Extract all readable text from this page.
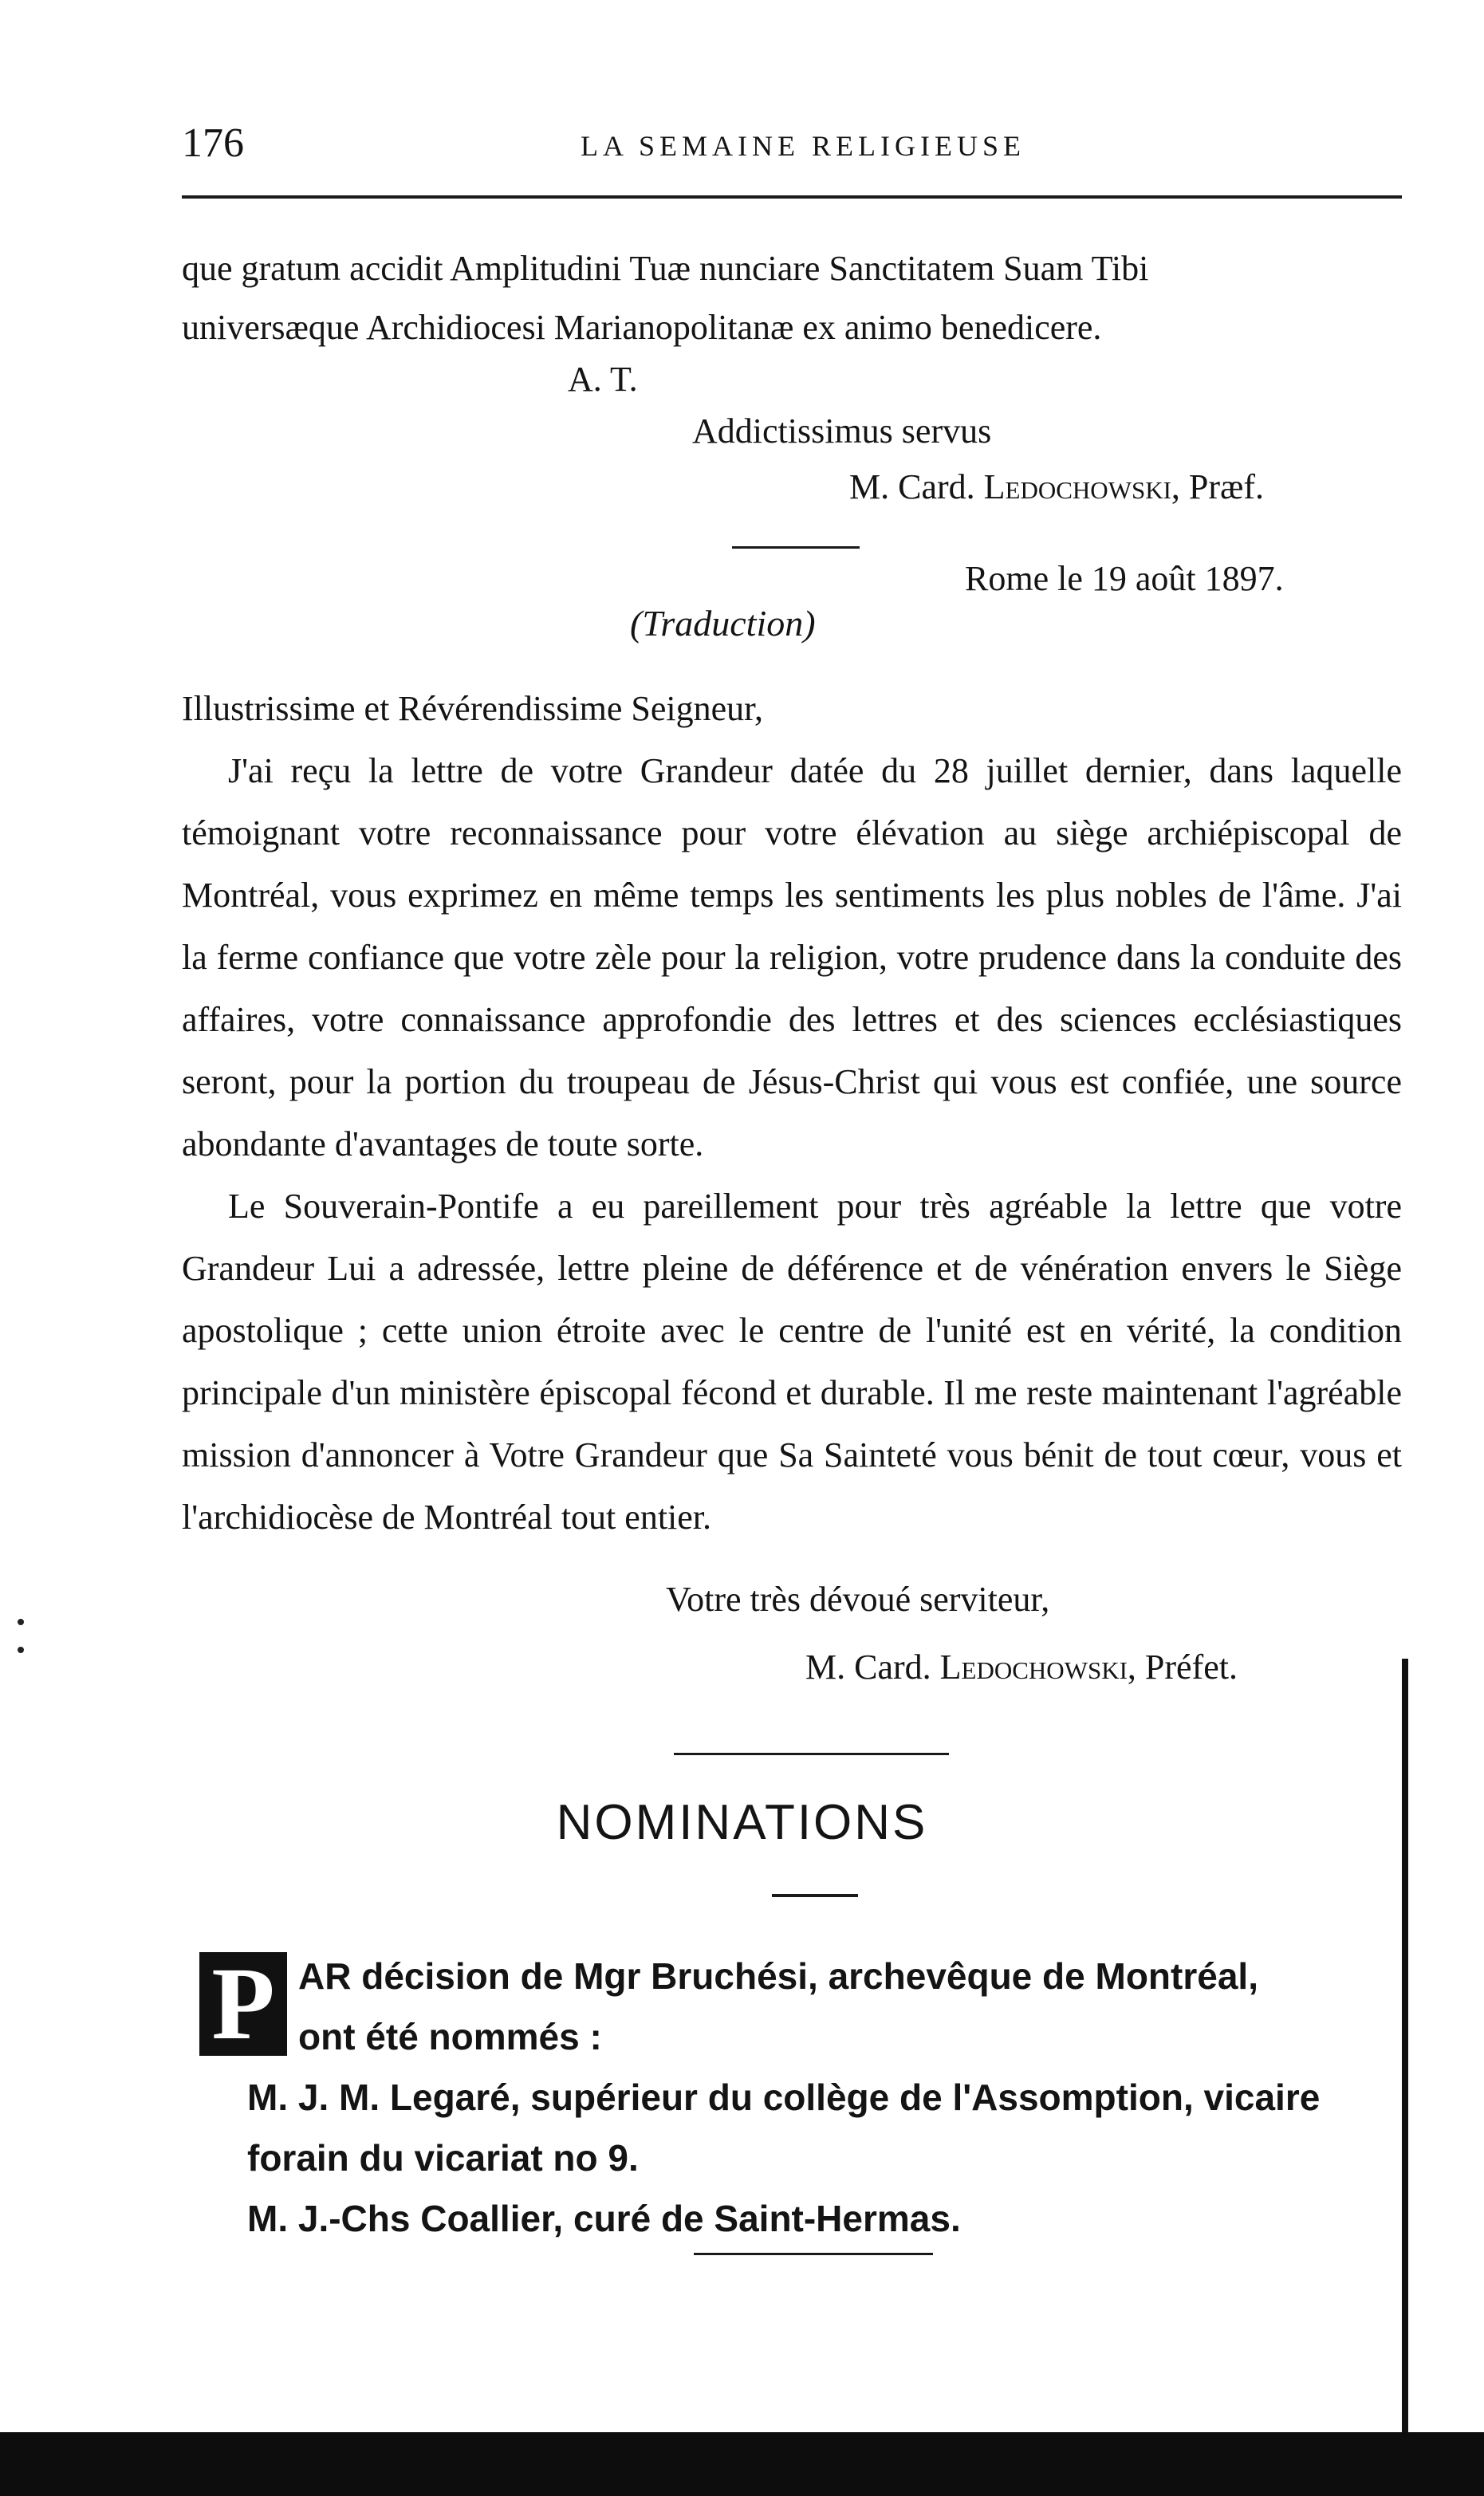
176	LA SEMAINE RELIGIEUSE
que gratum accidit Amplitudini Tuæ nunciare Sanctitatem Suam Tibi
universæque Archidiocesi Marianopolitanæ ex animo benedicere.
A. T.
Addictissimus servus
M. Card. Ledochowski, Præf.
Rome le 19 août 1897.
(Traduction)

Illustrissime et Révérendissime Seigneur,

J'ai reçu la lettre de votre Grandeur datée du 28 juillet dernier, dans laquelle témoignant votre reconnaissance pour votre élévation au siège archiépiscopal de Montréal, vous exprimez en même temps les sentiments les plus nobles de l'âme. J'ai la ferme confiance que votre zèle pour la religion, votre prudence dans la conduite des affaires, votre connaissance approfondie des lettres et des sciences ecclésiastiques seront, pour la portion du troupeau de Jésus-Christ qui vous est confiée, une source abondante d'avantages de toute sorte.

Le Souverain-Pontife a eu pareillement pour très agréable la lettre que votre Grandeur Lui a adressée, lettre pleine de déférence et de vénération envers le Siège apostolique ; cette union étroite avec le centre de l'unité est en vérité, la condition principale d'un ministère épiscopal fécond et durable. Il me reste maintenant l'agréable mission d'annoncer à Votre Grandeur que Sa Sainteté vous bénit de tout cœur, vous et l'archidiocèse de Montréal tout entier.

Votre très dévoué serviteur,
M. Card. Ledochowski, Préfet.
NOMINATIONS
P AR décision de Mgr Bruchési, archevêque de Montréal,
ont été nommés :
M. J. M. Legaré, supérieur du collège de l'Assomption, vicaire forain du vicariat no 9.
M. J.-Chs Coallier, curé de Saint-Hermas.
